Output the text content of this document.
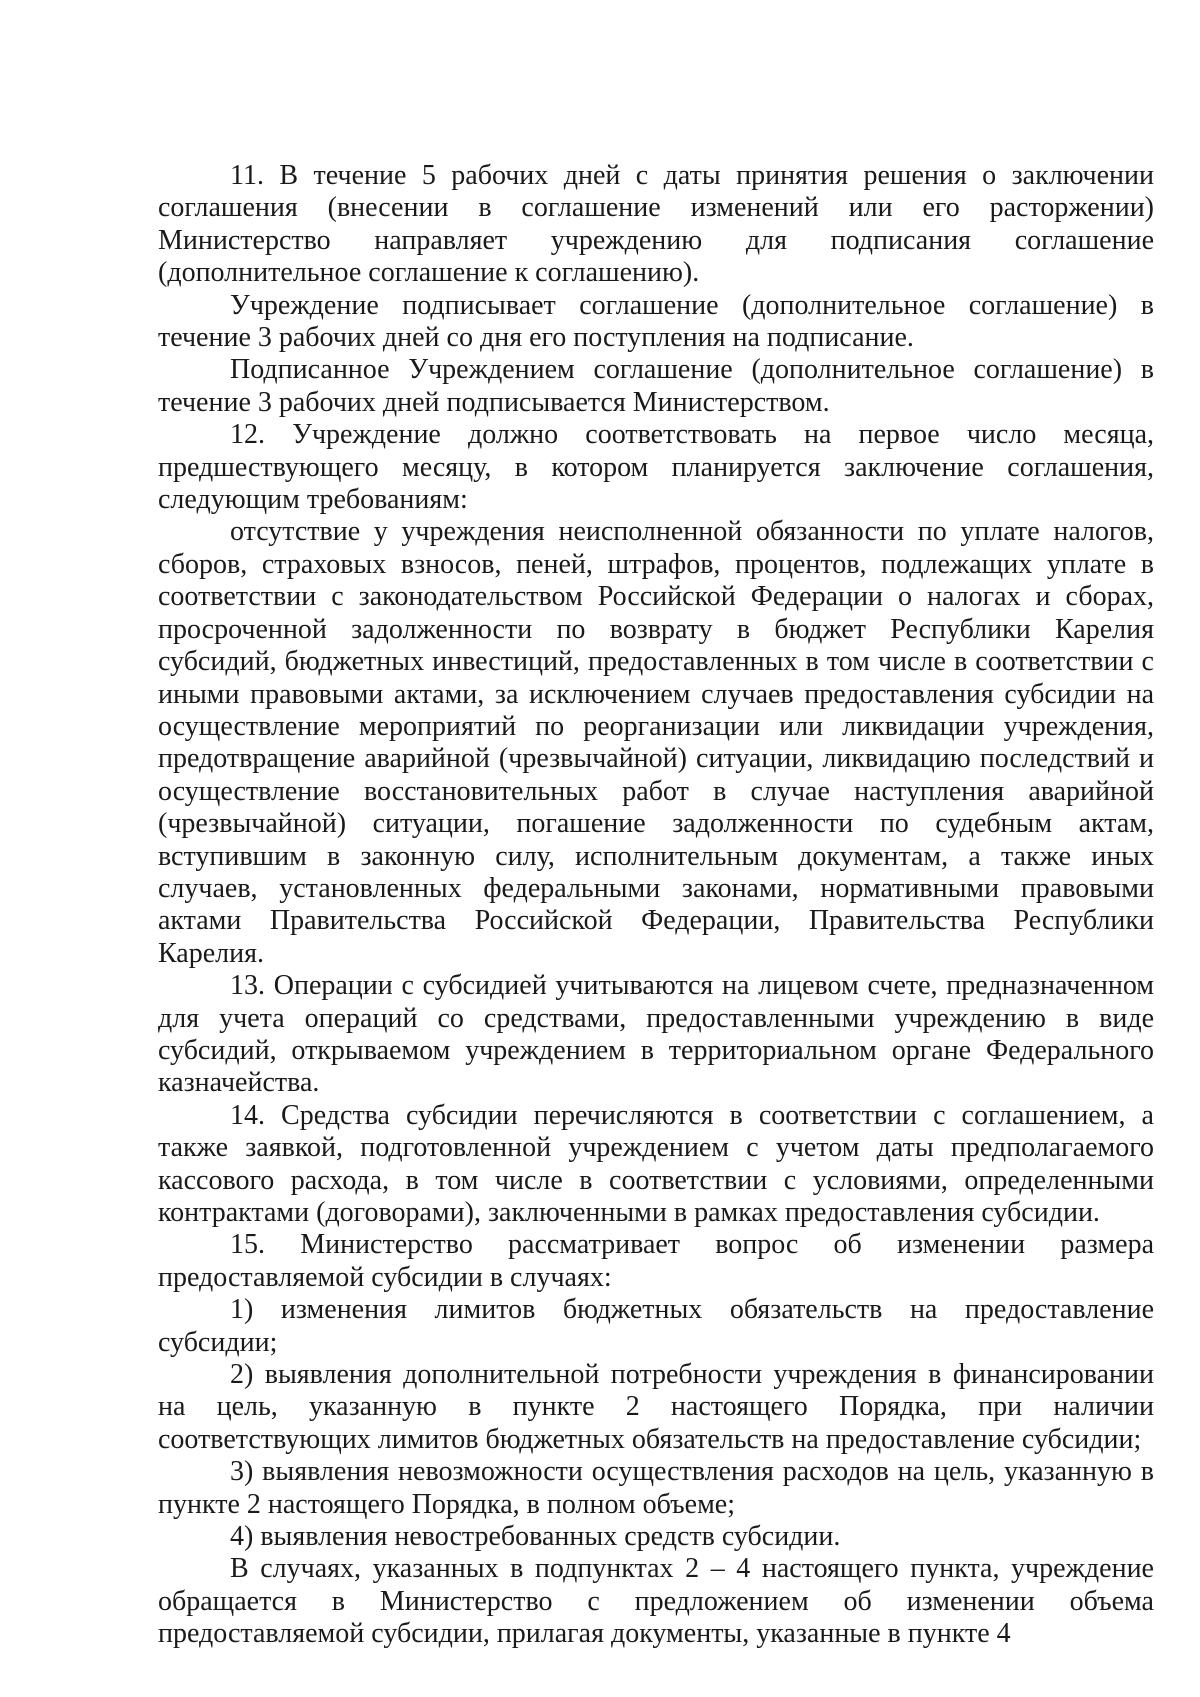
11. В течение 5 рабочих дней с даты принятия решения о заключении соглашения (внесении в соглашение изменений или его расторжении) Министерство направляет учреждению для подписания соглашение (дополнительное соглашение к соглашению).

Учреждение подписывает соглашение (дополнительное соглашение) в течение 3 рабочих дней со дня его поступления на подписание.

Подписанное Учреждением соглашение (дополнительное соглашение) в течение 3 рабочих дней подписывается Министерством.

12. Учреждение должно соответствовать на первое число месяца, предшествующего месяцу, в котором планируется заключение соглашения, следующим требованиям:

отсутствие у учреждения неисполненной обязанности по уплате налогов, сборов, страховых взносов, пеней, штрафов, процентов, подлежащих уплате в соответствии с законодательством Российской Федерации о налогах и сборах, просроченной задолженности по возврату в бюджет Республики Карелия субсидий, бюджетных инвестиций, предоставленных в том числе в соответствии с иными правовыми актами, за исключением случаев предоставления субсидии на осуществление мероприятий по реорганизации или ликвидации учреждения, предотвращение аварийной (чрезвычайной) ситуации, ликвидацию последствий и осуществление восстановительных работ в случае наступления аварийной (чрезвычайной) ситуации, погашение задолженности по судебным актам, вступившим в законную силу, исполнительным документам, а также иных случаев, установленных федеральными законами, нормативными правовыми актами Правительства Российской Федерации, Правительства Республики Карелия.

13. Операции с субсидией учитываются на лицевом счете, предназначенном для учета операций со средствами, предоставленными учреждению в виде субсидий, открываемом учреждением в территориальном органе Федерального казначейства.

14. Средства субсидии перечисляются в соответствии с соглашением, а также заявкой, подготовленной учреждением с учетом даты предполагаемого кассового расхода, в том числе в соответствии с условиями, определенными контрактами (договорами), заключенными в рамках предоставления субсидии.

15. Министерство рассматривает вопрос об изменении размера предоставляемой субсидии в случаях:

1) изменения лимитов бюджетных обязательств на предоставление субсидии;

2) выявления дополнительной потребности учреждения в финансировании на цель, указанную в пункте 2 настоящего Порядка, при наличии соответствующих лимитов бюджетных обязательств на предоставление субсидии;

3) выявления невозможности осуществления расходов на цель, указанную в пункте 2 настоящего Порядка, в полном объеме;

4) выявления невостребованных средств субсидии.

В случаях, указанных в подпунктах 2 – 4 настоящего пункта, учреждение обращается в Министерство с предложением об изменении объема предоставляемой субсидии, прилагая документы, указанные в пункте 4
